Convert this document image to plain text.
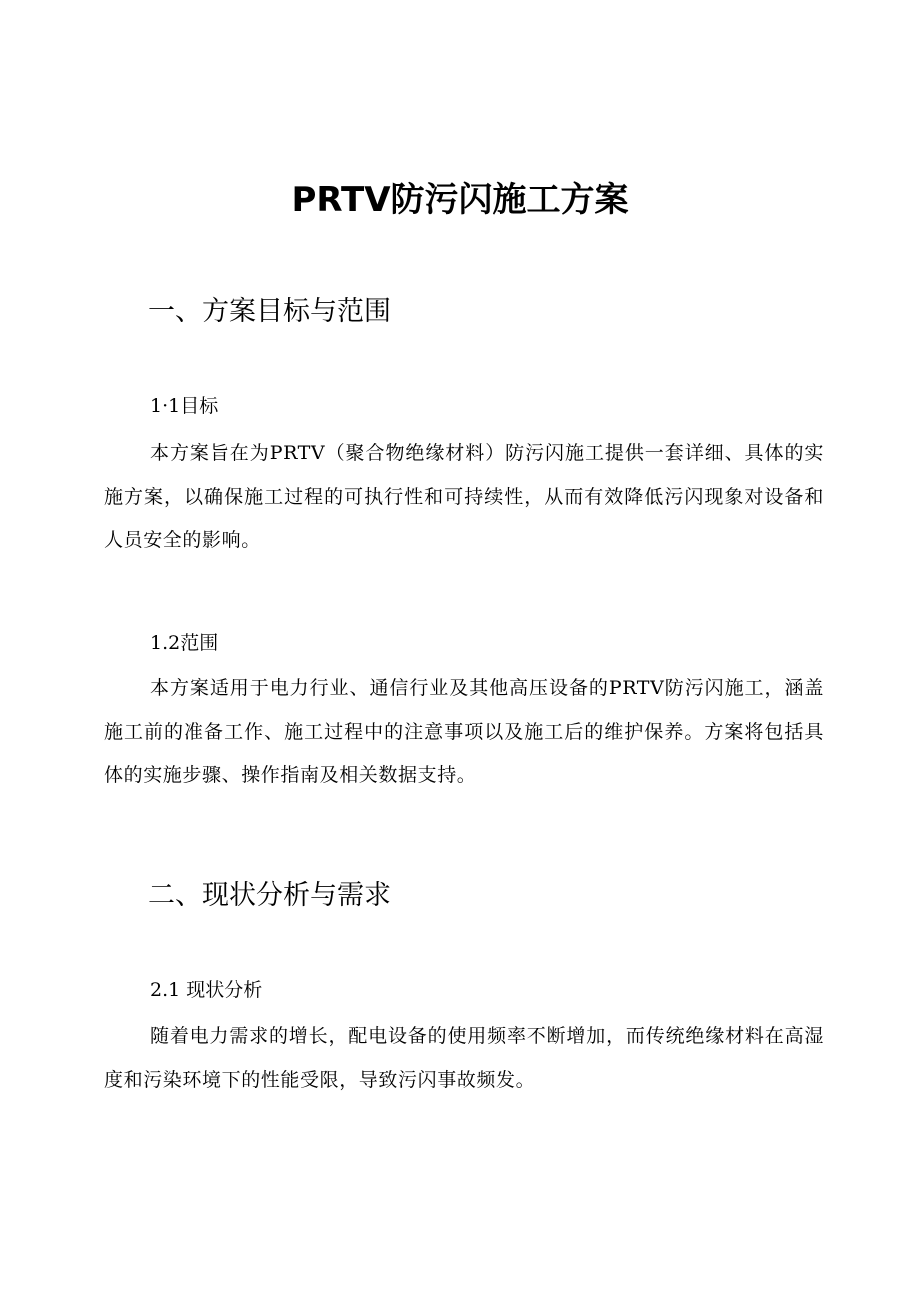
PRTV防污闪施工方案
一、方案目标与范围
1·1目标

本方案旨在为PRTV（聚合物绝缘材料）防污闪施工提供一套详细、具体的实施方案，以确保施工过程的可执行性和可持续性，从而有效降低污闪现象对设备和人员安全的影响。

1.2范围

本方案适用于电力行业、通信行业及其他高压设备的PRTV防污闪施工，涵盖施工前的准备工作、施工过程中的注意事项以及施工后的维护保养。方案将包括具体的实施步骤、操作指南及相关数据支持。

二、现状分析与需求
2.1 现状分析

随着电力需求的增长，配电设备的使用频率不断增加，而传统绝缘材料在高湿度和污染环境下的性能受限，导致污闪事故频发。
